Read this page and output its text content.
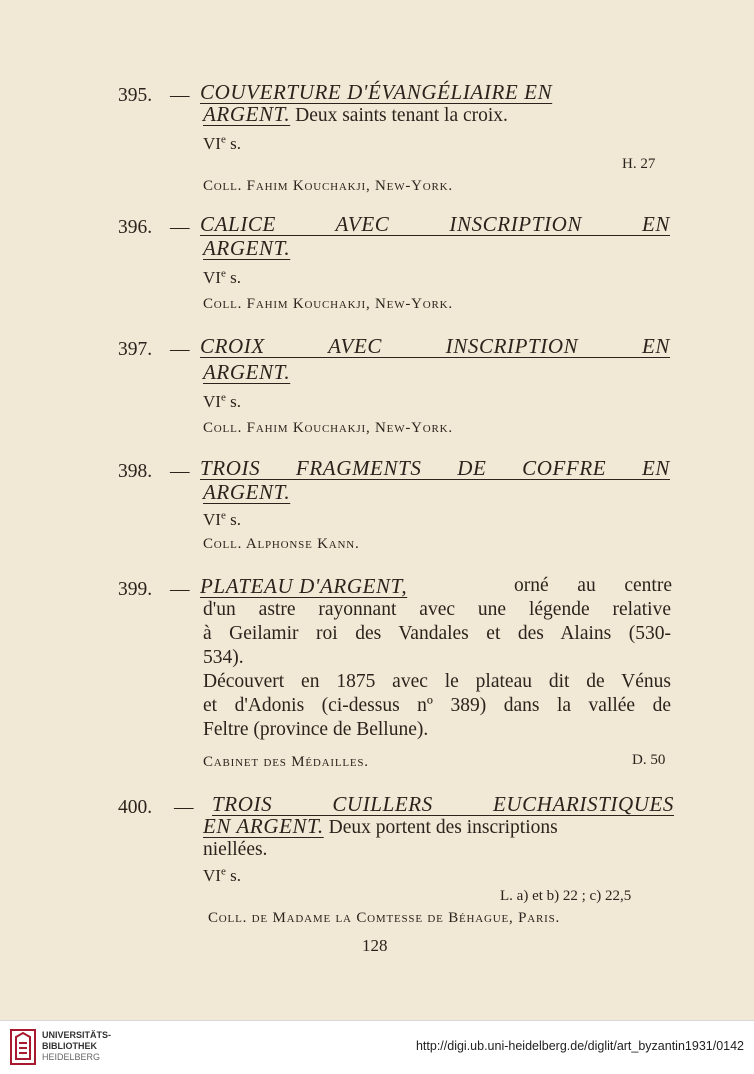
395. — COUVERTURE D'ÉVANGÉLIAIRE EN
ARGENT. Deux saints tenant la croix.
VIe s.
H. 27
Coll. Fahim Kouchakji, New-York.
396. — CALICE AVEC INSCRIPTION EN
ARGENT.
VIe s.
Coll. Fahim Kouchakji, New-York.
397. — CROIX AVEC INSCRIPTION EN
ARGENT.
VIe s.
Coll. Fahim Kouchakji, New-York.
398. — TROIS FRAGMENTS DE COFFRE EN
ARGENT.
VIe s.
Coll. Alphonse Kann.
399. — PLATEAU D'ARGENT,	orné au centre
d'un astre rayonnant avec une légende relative
à Geilamir roi des Vandales et des Alains (530-
534).
Découvert en 1875 avec le plateau dit de Vénus
et d'Adonis (ci-dessus nº 389) dans la vallée de
Feltre (province de Bellune).
Cabinet des Médailles.	D. 50
400. — TROIS CUILLERS EUCHARISTIQUES
EN ARGENT. Deux portent des inscriptions
niellées.
VIe s.
L. a) et b) 22 ; c) 22,5
Coll. de Madame la Comtesse de Béhague, Paris.
128
UNIVERSITÄTS-
BIBLIOTHEK
HEIDELBERG
http://digi.ub.uni-heidelberg.de/diglit/art_byzantin1931/0142
